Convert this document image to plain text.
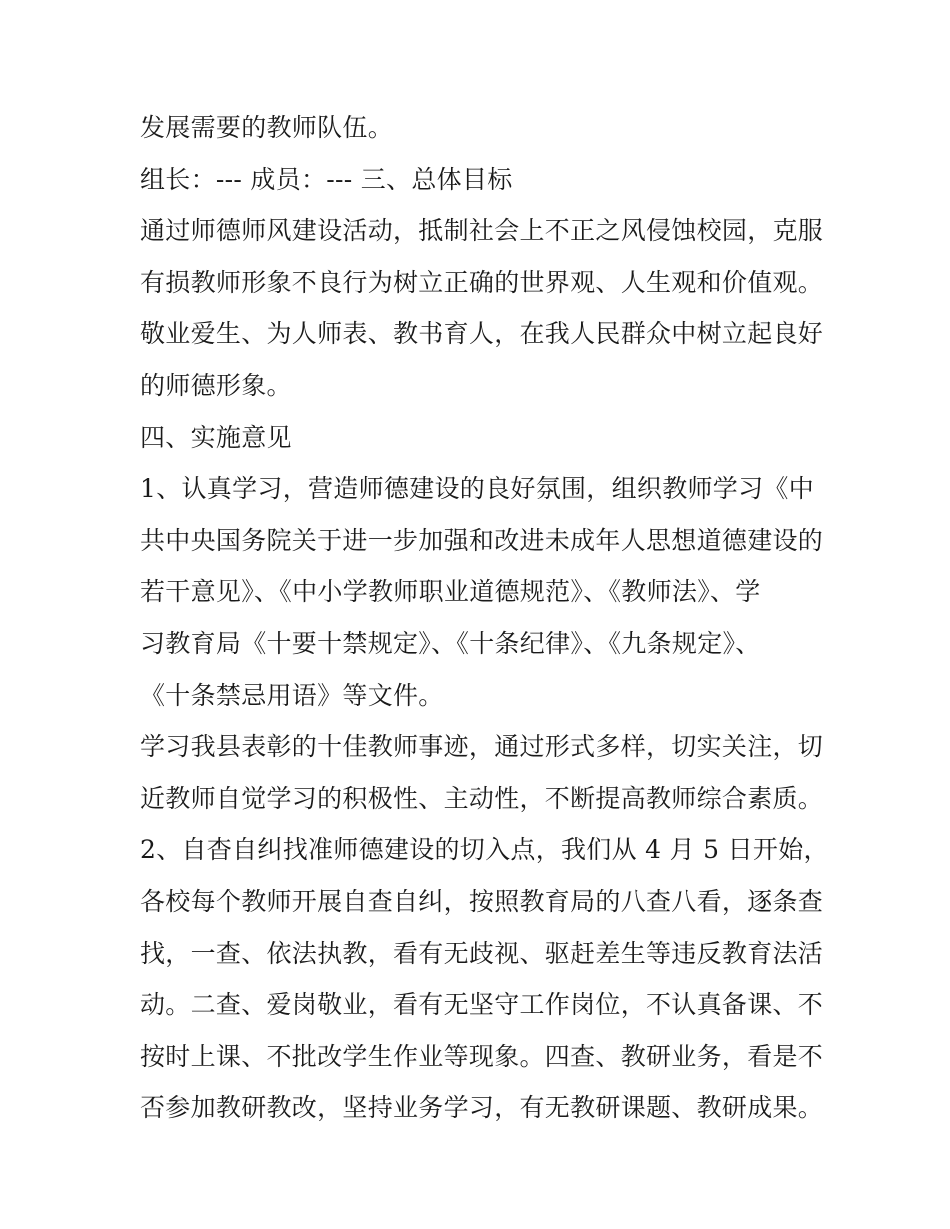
发展需要的教师队伍。
组长：--- 成员：--- 三、总体目标
通过师德师风建设活动，抵制社会上不正之风侵蚀校园，克服
有损教师形象不良行为树立正确的世界观、人生观和价值观。
敬业爱生、为人师表、教书育人，在我人民群众中树立起良好
的师德形象。
四、实施意见
1、认真学习，营造师德建设的良好氛围，组织教师学习《中
共中央国务院关于进一步加强和改进未成年人思想道德建设的
若干意见》、《中小学教师职业道德规范》、《教师法》、学
习教育局《十要十禁规定》、《十条纪律》、《九条规定》、
《十条禁忌用语》等文件。
学习我县表彰的十佳教师事迹，通过形式多样，切实关注，切
近教师自觉学习的积极性、主动性，不断提高教师综合素质。
2、自杳自纠找准师德建设的切入点，我们从 4 月 5 日开始，
各校每个教师开展自查自纠，按照教育局的八查八看，逐条查
找，一查、依法执教，看有无歧视、驱赶差生等违反教育法活
动。二查、爱岗敬业，看有无坚守工作岗位，不认真备课、不
按时上课、不批改学生作业等现象。四查、教研业务，看是不
否参加教研教改，坚持业务学习，有无教研课题、教研成果。
